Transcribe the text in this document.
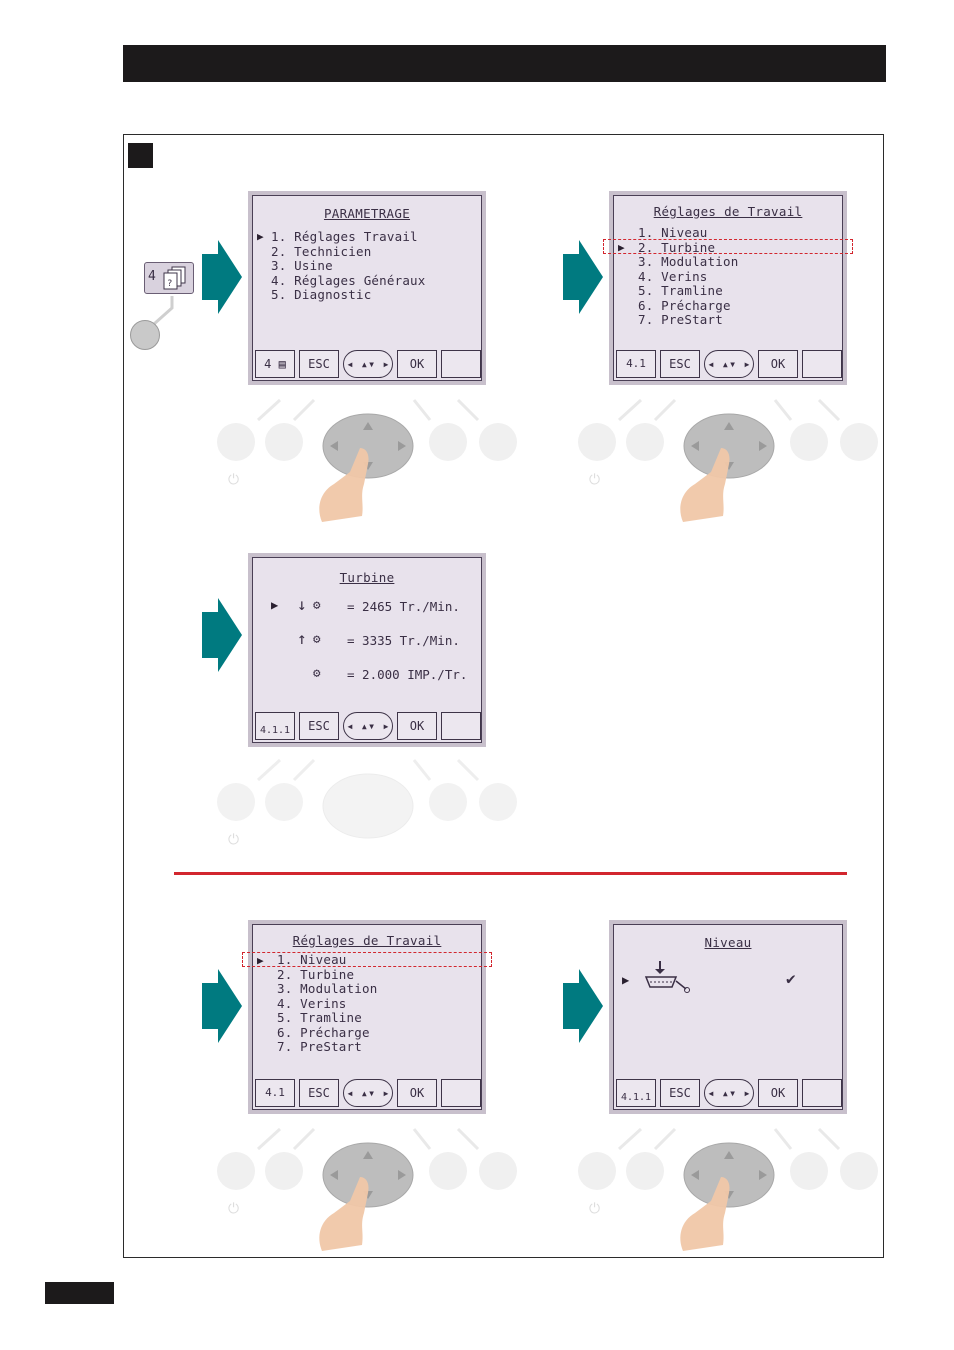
4 ?
PARAMETRAGE
▶ 1. Réglages Travail
2. Technicien
3. Usine
4. Réglages Généraux
5. Diagnostic
4 ▤	ESC	◂ ▴▾ ▸	OK
Réglages de Travail
▶
1. Niveau
2. Turbine
3. Modulation
4. Verins
5. Tramline
6. Précharge
7. PreStart
4.1	ESC	◂ ▴▾ ▸	OK
Turbine
▶ ↓ ⚙ = 2465 Tr./Min.
↑ ⚙ = 3335 Tr./Min.
⚙ = 2.000 IMP./Tr.
4.1.1	ESC	◂ ▴▾ ▸	OK
Réglages de Travail
▶ 1. Niveau
2. Turbine
3. Modulation
4. Verins
5. Tramline
6. Précharge
7. PreStart
4.1	ESC	◂ ▴▾ ▸	OK
Niveau
▶	✔
4.1.1	ESC	◂ ▴▾ ▸	OK
⏻	⏻
⏻
⏻	⏻
